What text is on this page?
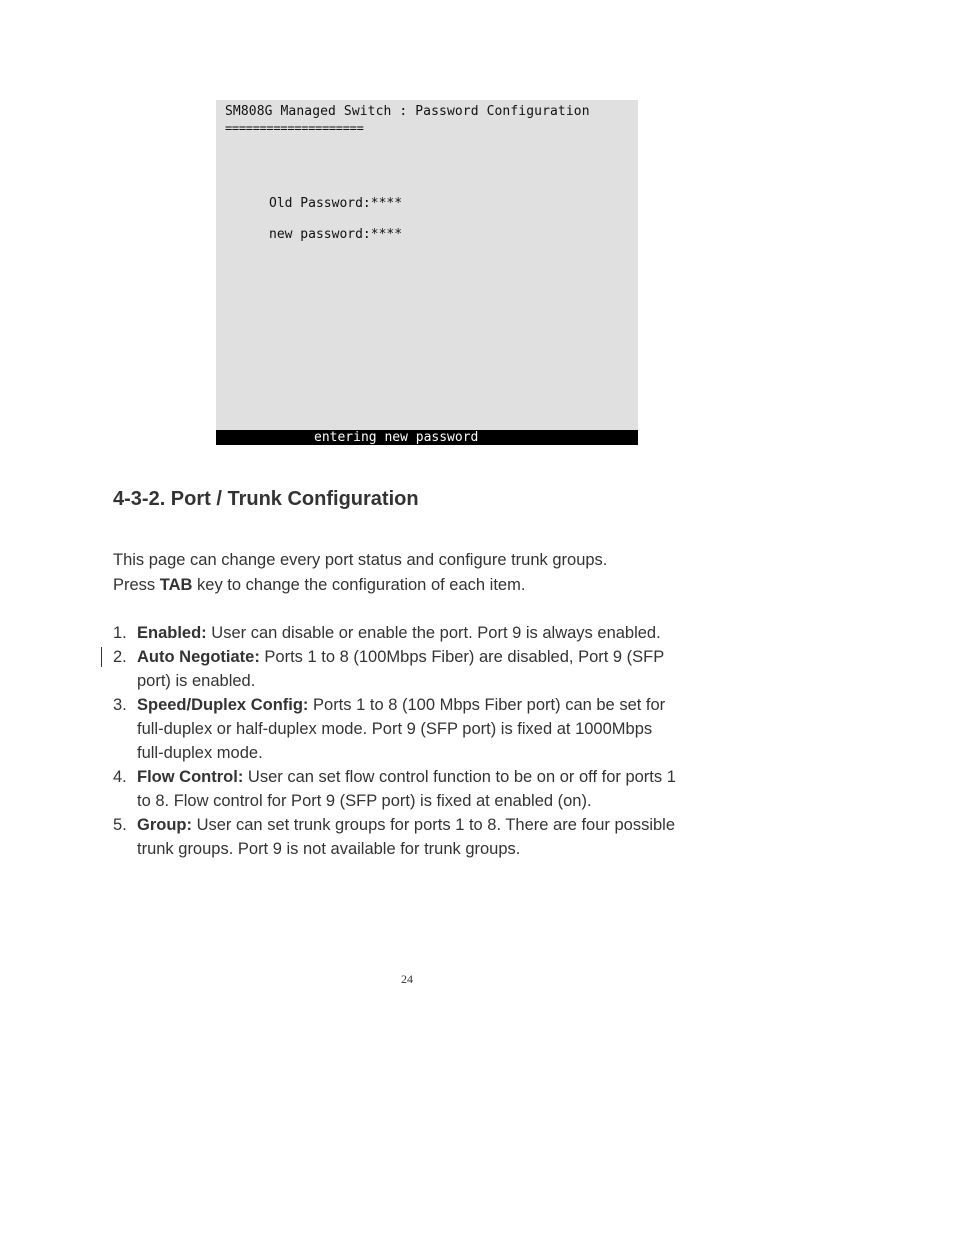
SM808G Managed Switch : Password Configuration
====================
Old Password:****
new password:****
entering new password
4-3-2. Port / Trunk Configuration
This page can change every port status and configure trunk groups.
Press TAB key to change the configuration of each item.
1. Enabled: User can disable or enable the port. Port 9 is always enabled.
2. Auto Negotiate: Ports 1 to 8 (100Mbps Fiber) are disabled, Port 9 (SFP
port) is enabled.
3. Speed/Duplex Config: Ports 1 to 8 (100 Mbps Fiber port) can be set for
full-duplex or half-duplex mode. Port 9 (SFP port) is fixed at 1000Mbps
full-duplex mode.
4. Flow Control: User can set flow control function to be on or off for ports 1
to 8. Flow control for Port 9 (SFP port) is fixed at enabled (on).
5. Group: User can set trunk groups for ports 1 to 8. There are four possible
trunk groups. Port 9 is not available for trunk groups.
24
